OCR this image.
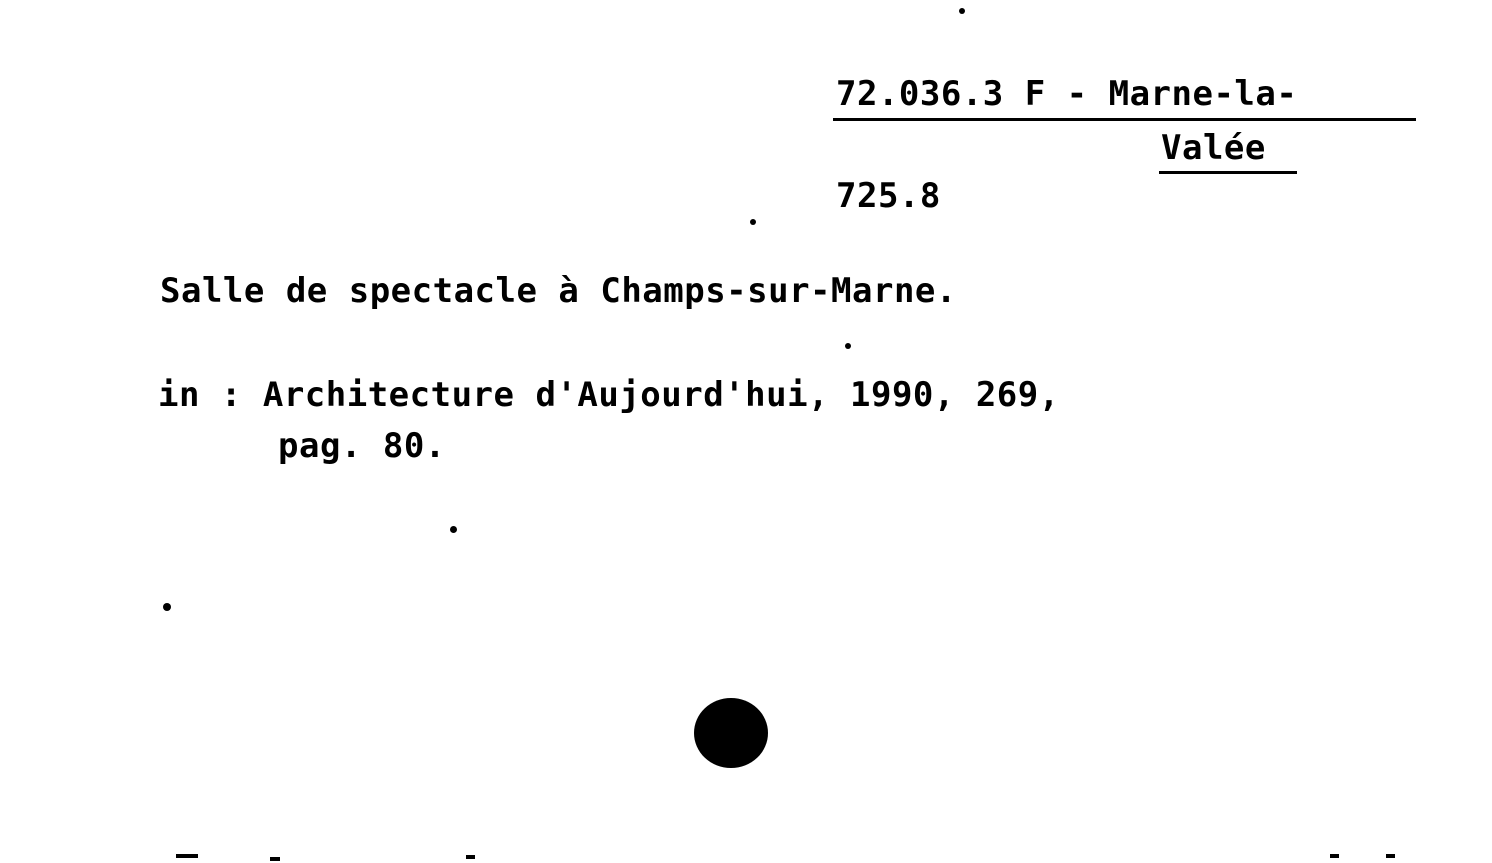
72.036.3 F - Marne-la-
Valée
725.8
Salle de spectacle à Champs-sur-Marne.
in : Architecture d'Aujourd'hui, 1990, 269,
pag. 80.
